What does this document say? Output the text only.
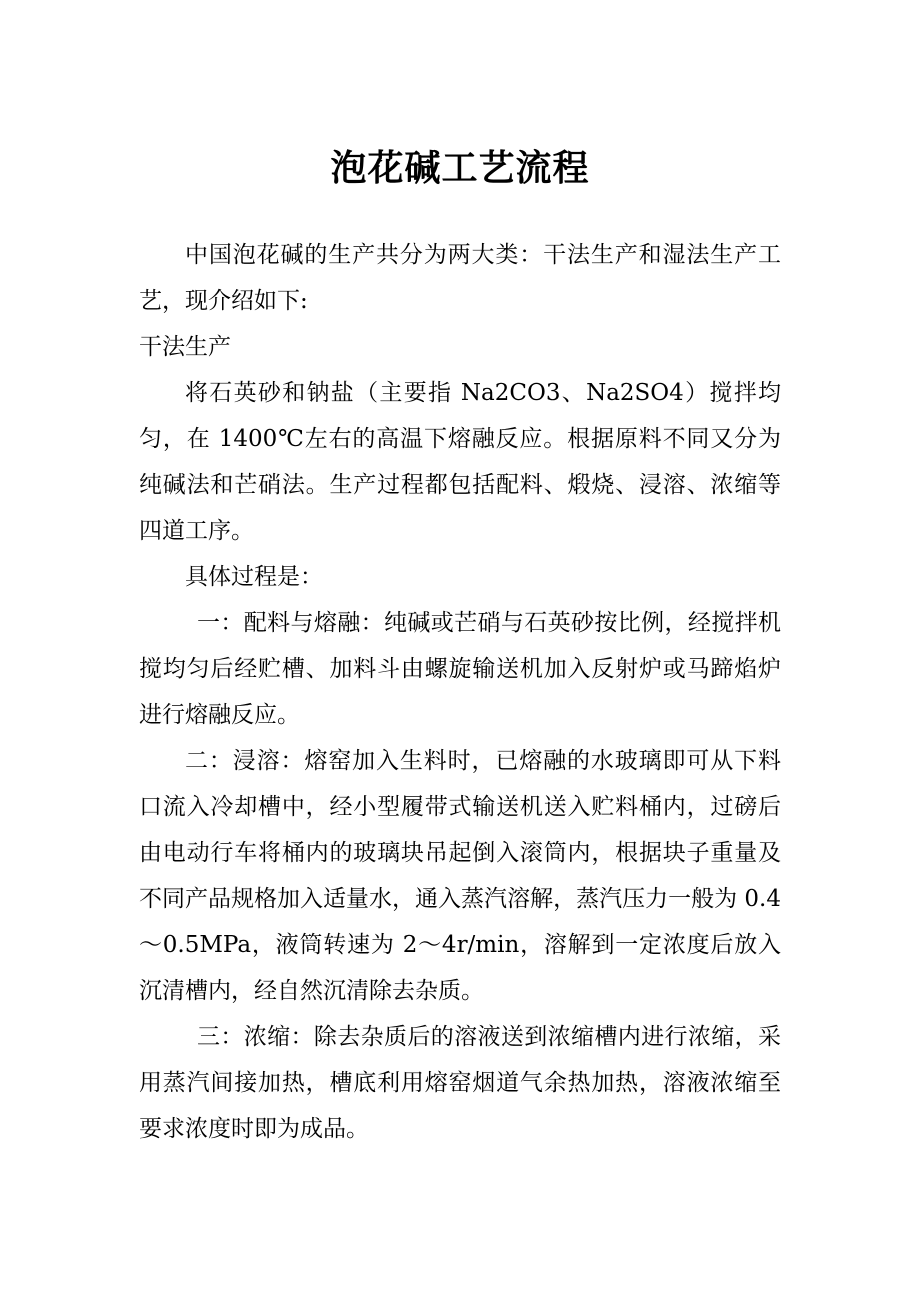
泡花碱工艺流程

中国泡花碱的生产共分为两大类：干法生产和湿法生产工艺，现介绍如下:

干法生产

将石英砂和钠盐（主要指 Na2CO3、Na2SO4）搅拌均匀，在 1400℃左右的高温下熔融反应。根据原料不同又分为纯碱法和芒硝法。生产过程都包括配料、煅烧、浸溶、浓缩等四道工序。

具体过程是：

一：配料与熔融：纯碱或芒硝与石英砂按比例，经搅拌机搅均匀后经贮槽、加料斗由螺旋输送机加入反射炉或马蹄焰炉进行熔融反应。

二：浸溶：熔窑加入生料时，已熔融的水玻璃即可从下料口流入冷却槽中，经小型履带式输送机送入贮料桶内，过磅后由电动行车将桶内的玻璃块吊起倒入滚筒内，根据块子重量及不同产品规格加入适量水，通入蒸汽溶解，蒸汽压力一般为 0.4～0.5MPa，液筒转速为 2～4r/min，溶解到一定浓度后放入沉清槽内，经自然沉清除去杂质。

三：浓缩：除去杂质后的溶液送到浓缩槽内进行浓缩，采用蒸汽间接加热，槽底利用熔窑烟道气余热加热，溶液浓缩至要求浓度时即为成品。
